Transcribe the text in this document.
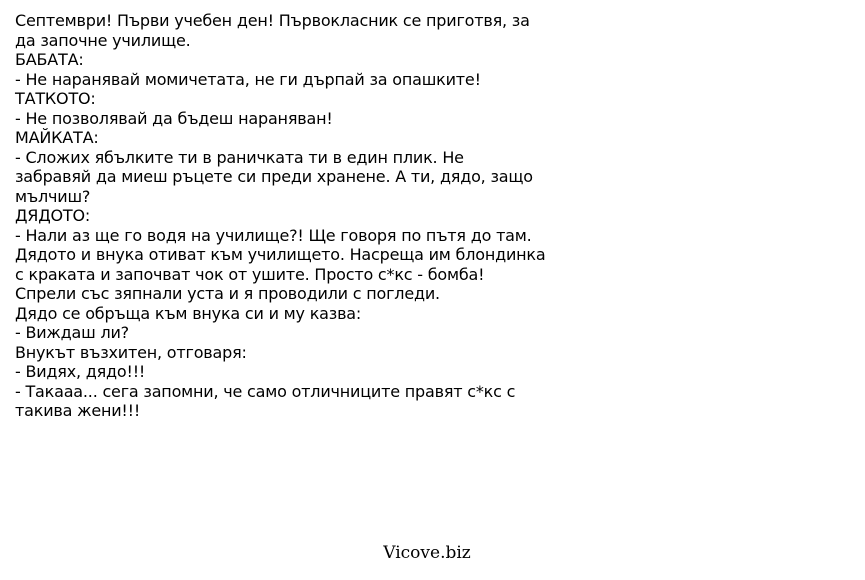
Септември! Първи учебен ден! Първокласник се приготвя, за
да започне училище.
БАБАТА:
- Не наранявай момичетата, не ги дърпай за опашките!
ТАТКОТО:
- Не позволявай да бъдеш нараняван!
МАЙКАТА:
- Сложих ябълките ти в раничката ти в един плик. Не
забравяй да миеш ръцете си преди хранене. А ти, дядо, защо
мълчиш?
ДЯДОТО:
- Нали аз ще го водя на училище?! Ще говоря по пътя до там.
Дядото и внука отиват към училището. Насреща им блондинка
с краката и започват чок от ушите. Просто с*кс - бомба!
Спрели със зяпнали уста и я проводили с погледи.
Дядо се обръща към внука си и му казва:
- Виждаш ли?
Внукът възхитен, отговаря:
- Видях, дядо!!!
- Такааа... сега запомни, че само отличниците правят с*кс с
такива жени!!!
Vicove.biz
